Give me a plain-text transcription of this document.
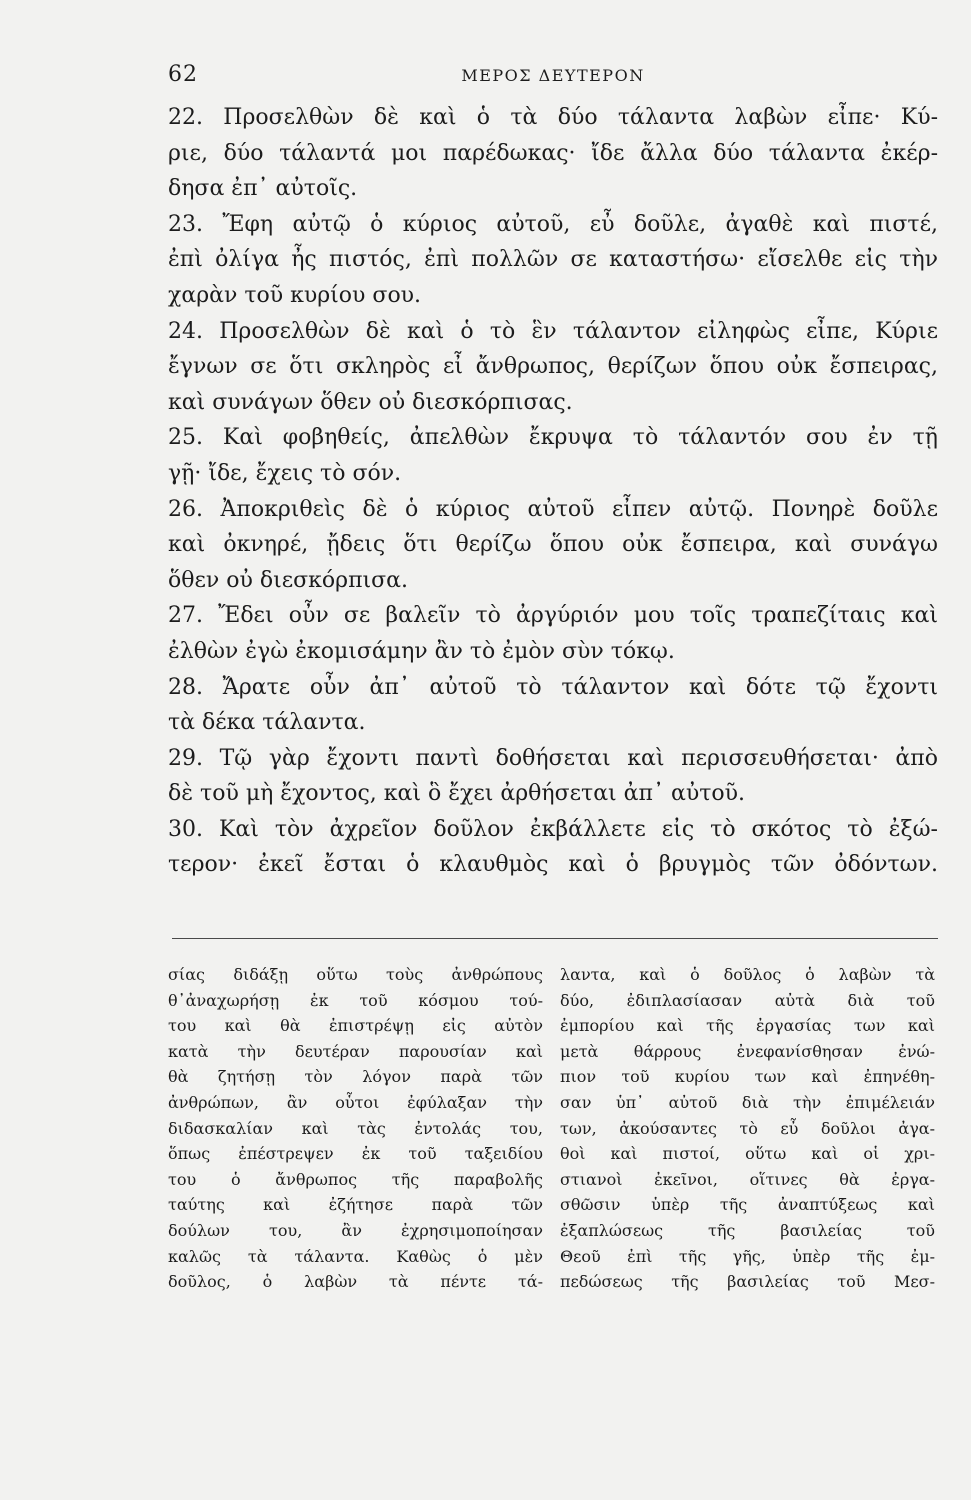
62	ΜΕΡΟΣ ΔΕΥΤΕΡΟΝ
22. Προσελθὼν δὲ καὶ ὁ τὰ δύο τάλαντα λαβὼν εἶπε· Κύ-
ριε, δύο τάλαντά μοι παρέδωκας· ἴδε ἄλλα δύο τάλαντα ἐκέρ-
δησα ἐπ᾽ αὐτοῖς.
23. Ἔφη αὐτῷ ὁ κύριος αὐτοῦ, εὖ δοῦλε, ἀγαθὲ καὶ πιστέ,
ἐπὶ ὀλίγα ἦς πιστός, ἐπὶ πολλῶν σε καταστήσω· εἴσελθε εἰς τὴν
χαρὰν τοῦ κυρίου σου.
24. Προσελθὼν δὲ καὶ ὁ τὸ ἓν τάλαντον εἰληφὼς εἶπε, Κύριε
ἔγνων σε ὅτι σκληρὸς εἶ ἄνθρωπος, θερίζων ὅπου οὐκ ἔσπειρας,
καὶ συνάγων ὅθεν οὐ διεσκόρπισας.
25. Καὶ φοβηθείς, ἀπελθὼν ἔκρυψα τὸ τάλαντόν σου ἐν τῇ
γῇ· ἴδε, ἔχεις τὸ σόν.
26. Ἀποκριθεὶς δὲ ὁ κύριος αὐτοῦ εἶπεν αὐτῷ. Πονηρὲ δοῦλε
καὶ ὀκνηρέ, ᾔδεις ὅτι θερίζω ὅπου οὐκ ἔσπειρα, καὶ συνάγω
ὅθεν οὐ διεσκόρπισα.
27. Ἔδει οὖν σε βαλεῖν τὸ ἀργύριόν μου τοῖς τραπεζίταις καὶ
ἐλθὼν ἐγὼ ἐκομισάμην ἂν τὸ ἐμὸν σὺν τόκῳ.
28. Ἄρατε οὖν ἀπ᾽ αὐτοῦ τὸ τάλαντον καὶ δότε τῷ ἔχοντι
τὰ δέκα τάλαντα.
29. Τῷ γὰρ ἔχοντι παντὶ δοθήσεται καὶ περισσευθήσεται· ἀπὸ
δὲ τοῦ μὴ ἔχοντος, καὶ ὃ ἔχει ἀρθήσεται ἀπ᾽ αὐτοῦ.
30. Καὶ τὸν ἀχρεῖον δοῦλον ἐκβάλλετε εἰς τὸ σκότος τὸ ἐξώ-
τερον· ἐκεῖ ἔσται ὁ κλαυθμὸς καὶ ὁ βρυγμὸς τῶν ὀδόντων.
σίας διδάξῃ οὕτω τοὺς ἀνθρώπους
θ᾽ἀναχωρήσῃ ἐκ τοῦ κόσμου τού-
του καὶ θὰ ἐπιστρέψῃ εἰς αὐτὸν
κατὰ τὴν δευτέραν παρουσίαν καὶ
θὰ ζητήσῃ τὸν λόγον παρὰ τῶν
ἀνθρώπων, ἂν οὗτοι ἐφύλαξαν τὴν
διδασκαλίαν καὶ τὰς ἐντολάς του,
ὅπως ἐπέστρεψεν ἐκ τοῦ ταξειδίου
του ὁ ἄνθρωπος τῆς παραβολῆς
ταύτης καὶ ἐζήτησε παρὰ τῶν
δούλων του, ἂν ἐχρησιμοποίησαν
καλῶς τὰ τάλαντα. Καθὼς ὁ μὲν
δοῦλος, ὁ λαβὼν τὰ πέντε τά-
λαντα, καὶ ὁ δοῦλος ὁ λαβὼν τὰ
δύο, ἐδιπλασίασαν αὐτὰ διὰ τοῦ
ἐμπορίου καὶ τῆς ἐργασίας των καὶ
μετὰ θάρρους ἐνεφανίσθησαν ἐνώ-
πιον τοῦ κυρίου των καὶ ἐπηνέθη-
σαν ὑπ᾽ αὐτοῦ διὰ τὴν ἐπιμέλειάν
των, ἀκούσαντες τὸ εὖ δοῦλοι ἀγα-
θοὶ καὶ πιστοί, οὕτω καὶ οἱ χρι-
στιανοὶ ἐκεῖνοι, οἵτινες θὰ ἐργα-
σθῶσιν ὑπὲρ τῆς ἀναπτύξεως καὶ
ἐξαπλώσεως τῆς βασιλείας τοῦ
Θεοῦ ἐπὶ τῆς γῆς, ὑπὲρ τῆς ἐμ-
πεδώσεως τῆς βασιλείας τοῦ Μεσ-
